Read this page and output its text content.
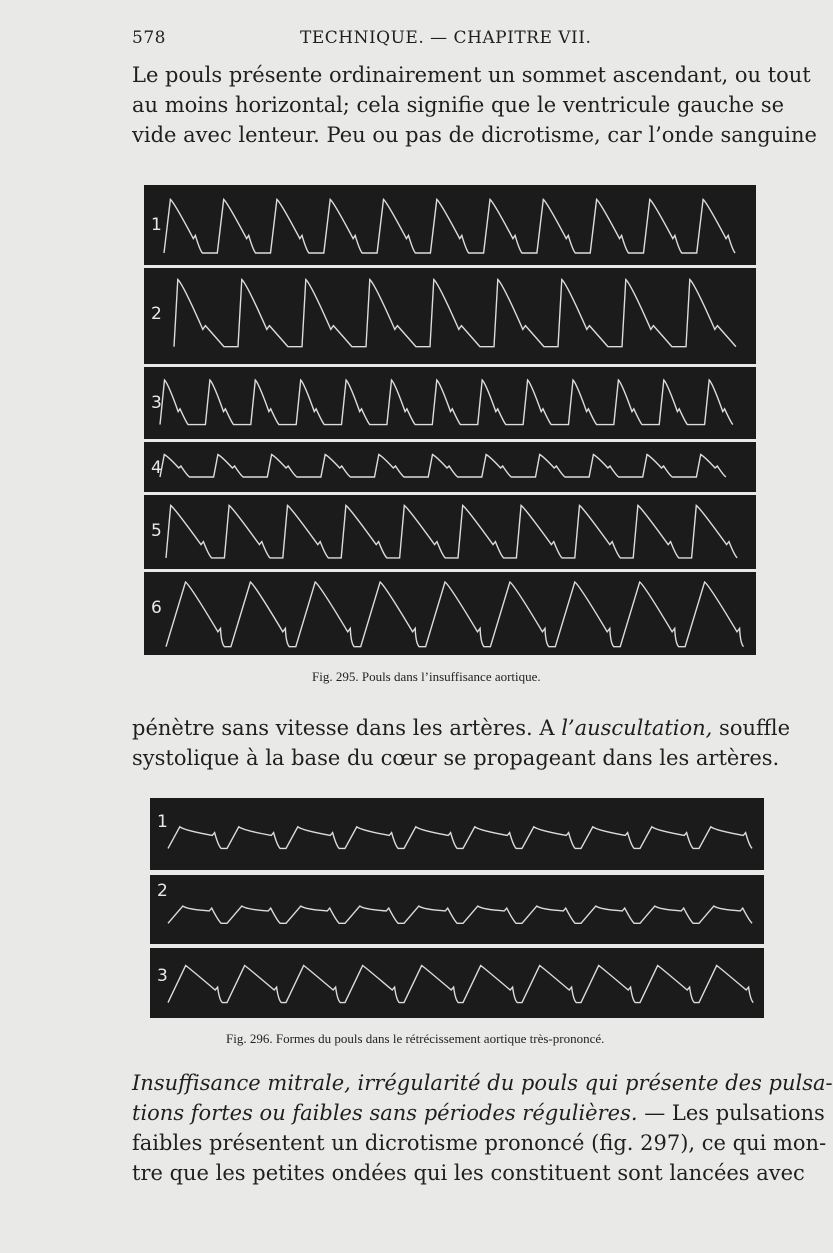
578	TECHNIQUE. — CHAPITRE VII.

Le pouls présente ordinairement un sommet ascendant, ou tout
au moins horizontal; cela signifie que le ventricule gauche se
vide avec lenteur. Peu ou pas de dicrotisme, car l’onde sanguine

1
2
3
4
5
6
Fig. 295. Pouls dans l’insuffisance aortique.

pénètre sans vitesse dans les artères. A l’auscultation, souffle
systolique à la base du cœur se propageant dans les artères.

1
2
3
Fig. 296. Formes du pouls dans le rétrécissement aortique très-prononcé.

Insuffisance mitrale, irrégularité du pouls qui présente des pulsa-
tions fortes ou faibles sans périodes régulières. — Les pulsations
faibles présentent un dicrotisme prononcé (fig. 297), ce qui mon-
tre que les petites ondées qui les constituent sont lancées avec
